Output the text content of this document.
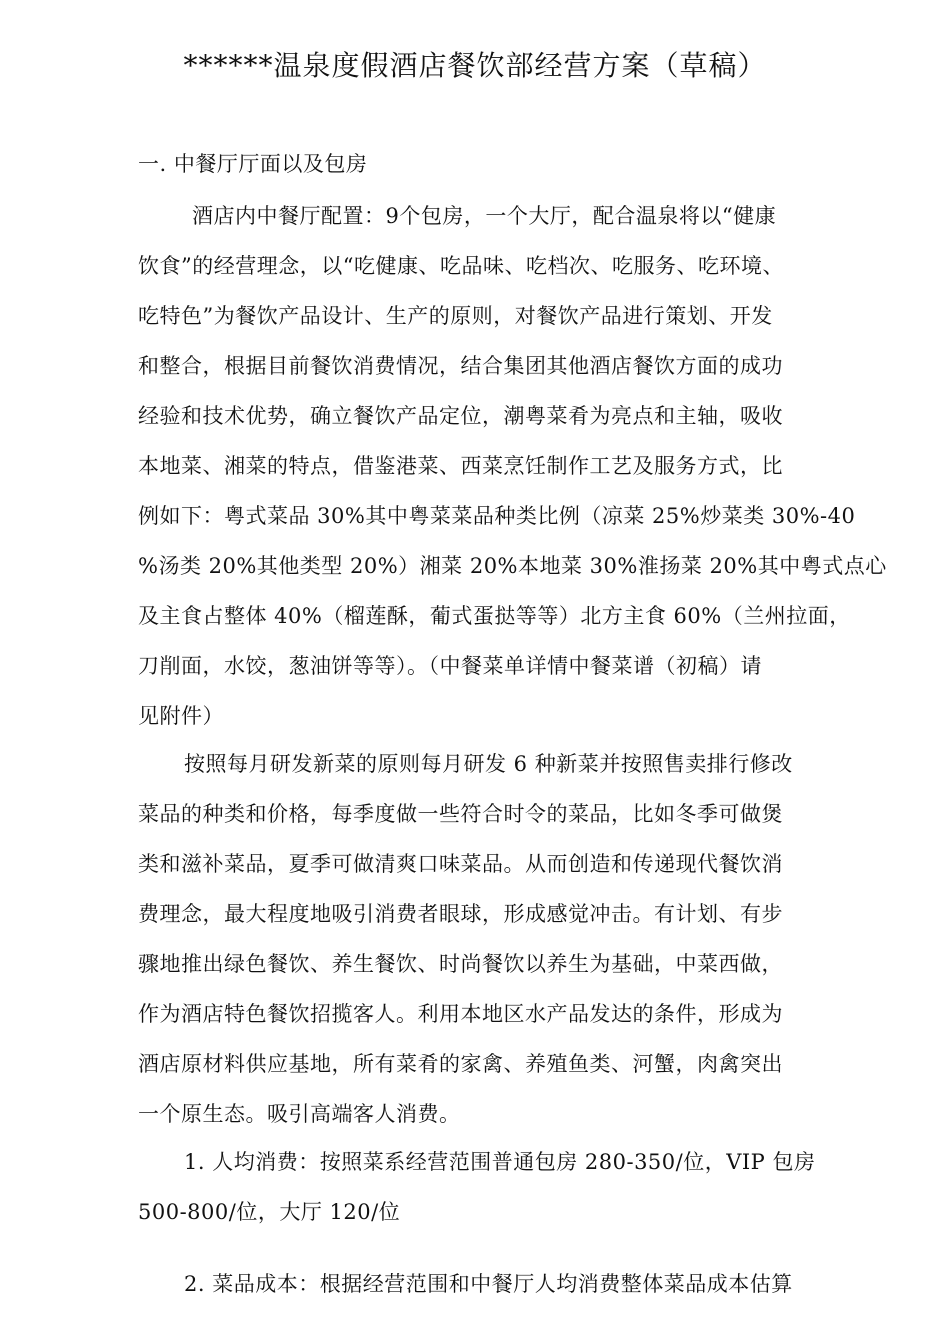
******温泉度假酒店餐饮部经营方案（草稿）
一. 中餐厅厅面以及包房
酒店内中餐厅配置：9个包房，一个大厅，配合温泉将以“健康
饮食”的经营理念，以“吃健康、吃品味、吃档次、吃服务、吃环境、
吃特色”为餐饮产品设计、生产的原则，对餐饮产品进行策划、开发
和整合，根据目前餐饮消费情况，结合集团其他酒店餐饮方面的成功
经验和技术优势，确立餐饮产品定位，潮粤菜肴为亮点和主轴，吸收
本地菜、湘菜的特点，借鉴港菜、西菜烹饪制作工艺及服务方式，比
例如下：粤式菜品 30%其中粤菜菜品种类比例（凉菜 25%炒菜类 30%-40
%汤类 20%其他类型 20%）湘菜 20%本地菜 30%淮扬菜 20%其中粤式点心
及主食占整体 40%（榴莲酥，葡式蛋挞等等）北方主食 60%（兰州拉面，
刀削面，水饺，葱油饼等等）。（中餐菜单详情中餐菜谱（初稿）请
见附件）
按照每月研发新菜的原则每月研发 6 种新菜并按照售卖排行修改
菜品的种类和价格，每季度做一些符合时令的菜品，比如冬季可做煲
类和滋补菜品，夏季可做清爽口味菜品。从而创造和传递现代餐饮消
费理念，最大程度地吸引消费者眼球，形成感觉冲击。有计划、有步
骤地推出绿色餐饮、养生餐饮、时尚餐饮以养生为基础，中菜西做，
作为酒店特色餐饮招揽客人。利用本地区水产品发达的条件，形成为
酒店原材料供应基地，所有菜肴的家禽、养殖鱼类、河蟹，肉禽突出
一个原生态。吸引高端客人消费。
1. 人均消费：按照菜系经营范围普通包房 280-350/位，VIP 包房
500-800/位，大厅 120/位
2. 菜品成本：根据经营范围和中餐厅人均消费整体菜品成本估算
